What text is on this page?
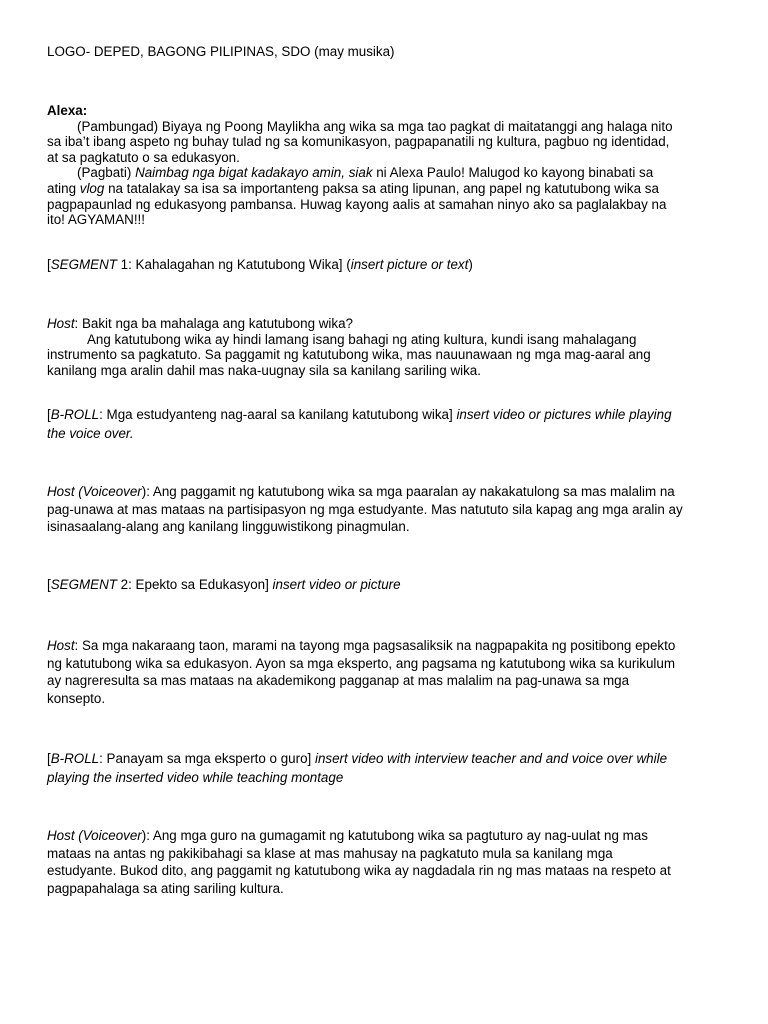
LOGO- DEPED, BAGONG PILIPINAS, SDO (may musika)

Alexa:
(Pambungad) Biyaya ng Poong Maylikha ang wika sa mga tao pagkat di maitatanggi ang halaga nito
sa iba’t ibang aspeto ng buhay tulad ng sa komunikasyon, pagpapanatili ng kultura, pagbuo ng identidad,
at sa pagkatuto o sa edukasyon.
(Pagbati) Naimbag nga bigat kadakayo amin, siak ni Alexa Paulo! Malugod ko kayong binabati sa
ating vlog na tatalakay sa isa sa importanteng paksa sa ating lipunan, ang papel ng katutubong wika sa
pagpapaunlad ng edukasyong pambansa. Huwag kayong aalis at samahan ninyo ako sa paglalakbay na
ito! AGYAMAN!!!

[SEGMENT 1: Kahalagahan ng Katutubong Wika] (insert picture or text)

Host: Bakit nga ba mahalaga ang katutubong wika?
Ang katutubong wika ay hindi lamang isang bahagi ng ating kultura, kundi isang mahalagang
instrumento sa pagkatuto. Sa paggamit ng katutubong wika, mas nauunawaan ng mga mag-aaral ang
kanilang mga aralin dahil mas naka-uugnay sila sa kanilang sariling wika.
[B-ROLL: Mga estudyanteng nag-aaral sa kanilang katutubong wika] insert video or pictures while playing
the voice over.
Host (Voiceover): Ang paggamit ng katutubong wika sa mga paaralan ay nakakatulong sa mas malalim na
pag-unawa at mas mataas na partisipasyon ng mga estudyante. Mas natututo sila kapag ang mga aralin ay
isinasaalang-alang ang kanilang lingguwistikong pinagmulan.

[SEGMENT 2: Epekto sa Edukasyon] insert video or picture

Host: Sa mga nakaraang taon, marami na tayong mga pagsasaliksik na nagpapakita ng positibong epekto
ng katutubong wika sa edukasyon. Ayon sa mga eksperto, ang pagsama ng katutubong wika sa kurikulum
ay nagreresulta sa mas mataas na akademikong pagganap at mas malalim na pag-unawa sa mga
konsepto.
[B-ROLL: Panayam sa mga eksperto o guro] insert video with interview teacher and and voice over while
playing the inserted video while teaching montage
Host (Voiceover): Ang mga guro na gumagamit ng katutubong wika sa pagtuturo ay nag-uulat ng mas
mataas na antas ng pakikibahagi sa klase at mas mahusay na pagkatuto mula sa kanilang mga
estudyante. Bukod dito, ang paggamit ng katutubong wika ay nagdadala rin ng mas mataas na respeto at
pagpapahalaga sa ating sariling kultura.
